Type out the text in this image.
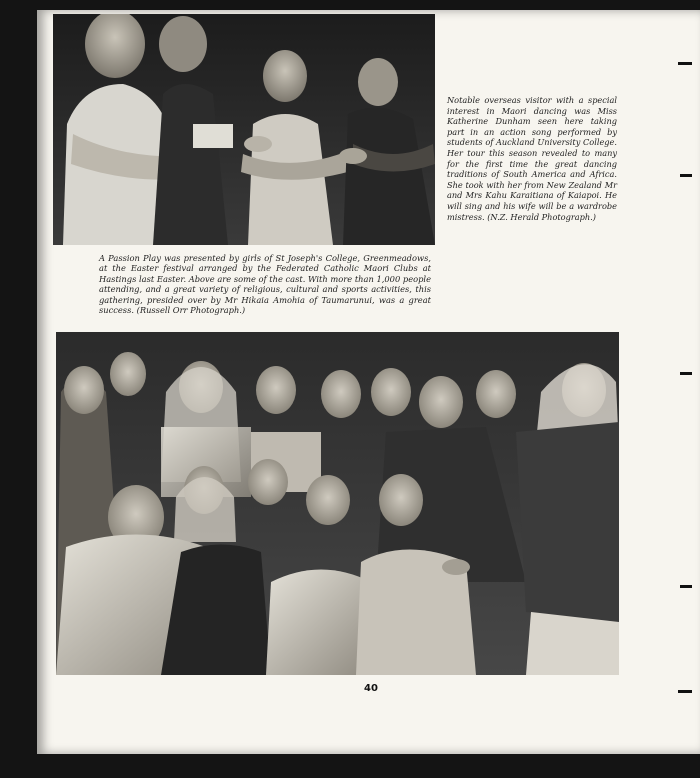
Notable overseas visitor with a special interest in Maori dancing was Miss Katherine Dunham seen here taking part in an action song performed by students of Auckland University College. Her tour this season revealed to many for the first time the great dancing traditions of South America and Africa. She took with her from New Zealand Mr and Mrs Kahu Karaitiana of Kaiapoi. He will sing and his wife will be a wardrobe mistress. (N.Z. Herald Photograph.)

A Passion Play was presented by girls of St Joseph's College, Greenmeadows, at the Easter festival arranged by the Federated Catholic Maori Clubs at Hastings last Easter. Above are some of the cast. With more than 1,000 people attending, and a great variety of religious, cultural and sports activities, this gathering, presided over by Mr Hikaia Amohia of Taumarunui, was a great success. (Russell Orr Photograph.)

40
